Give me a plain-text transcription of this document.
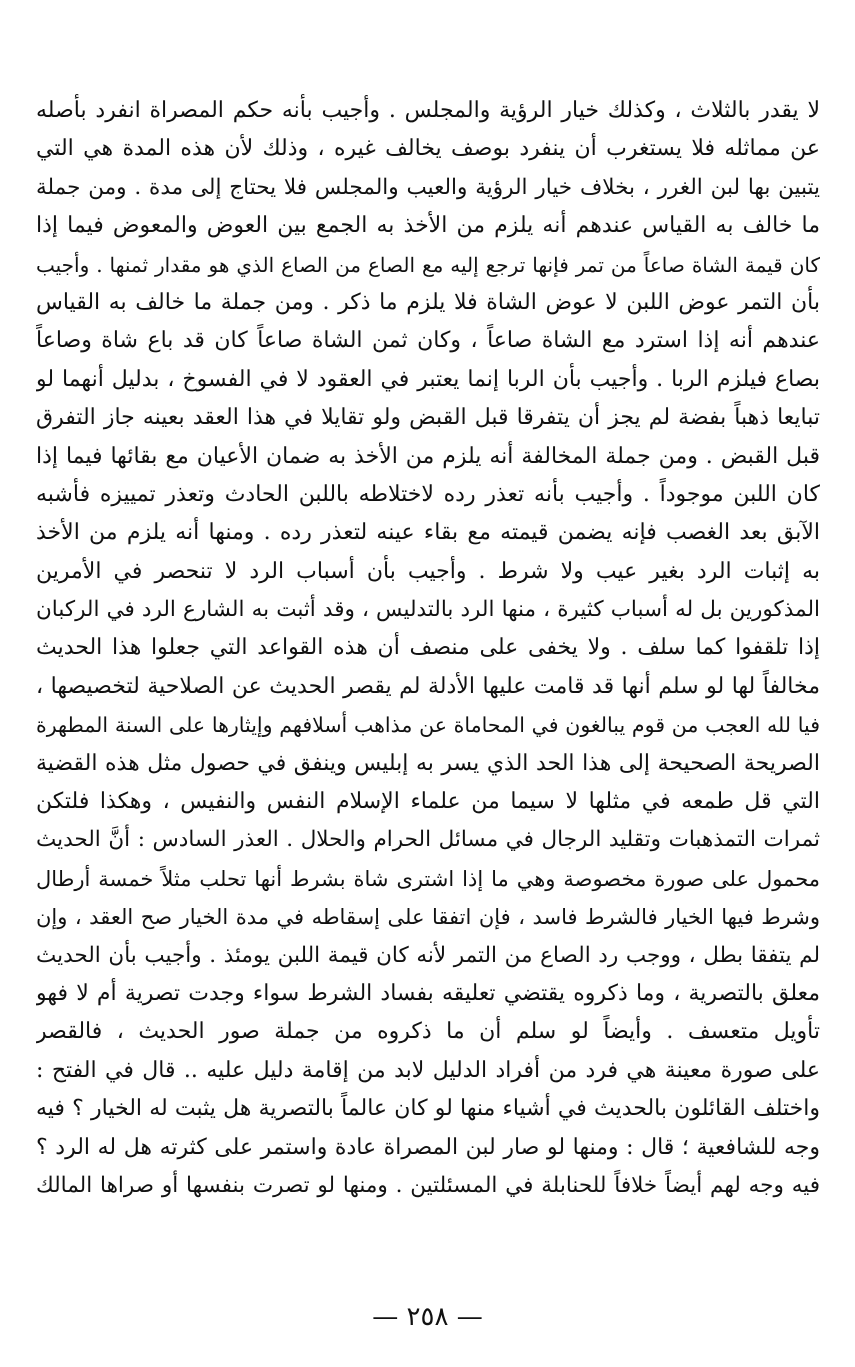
لا يقدر بالثلاث ، وكذلك خيار الرؤية والمجلس . وأجيب بأنه حكم المصراة انفرد بأصله
عن مماثله فلا يستغرب أن ينفرد بوصف يخالف غيره ، وذلك لأن هذه المدة هي التي
يتبين بها لبن الغرر ، بخلاف خيار الرؤية والعيب والمجلس فلا يحتاج إلى مدة . ومن جملة
ما خالف به القياس عندهم أنه يلزم من الأخذ به الجمع بين العوض والمعوض فيما إذا
كان قيمة الشاة صاعاً من تمر فإنها ترجع إليه مع الصاع من الصاع الذي هو مقدار ثمنها . وأجيب
بأن التمر عوض اللبن لا عوض الشاة فلا يلزم ما ذكر . ومن جملة ما خالف به القياس
عندهم أنه إذا استرد مع الشاة صاعاً ، وكان ثمن الشاة صاعاً كان قد باع شاة وصاعاً
بصاع فيلزم الربا . وأجيب بأن الربا إنما يعتبر في العقود لا في الفسوخ ، بدليل أنهما لو
تبايعا ذهباً بفضة لم يجز أن يتفرقا قبل القبض ولو تقايلا في هذا العقد بعينه جاز التفرق
قبل القبض . ومن جملة المخالفة أنه يلزم من الأخذ به ضمان الأعيان مع بقائها فيما إذا
كان اللبن موجوداً . وأجيب بأنه تعذر رده لاختلاطه باللبن الحادث وتعذر تمييزه فأشبه
الآبق بعد الغصب فإنه يضمن قيمته مع بقاء عينه لتعذر رده . ومنها أنه يلزم من الأخذ
به إثبات الرد بغير عيب ولا شرط . وأجيب بأن أسباب الرد لا تنحصر في الأمرين
المذكورين بل له أسباب كثيرة ، منها الرد بالتدليس ، وقد أثبت به الشارع الرد في الركبان
إذا تلقفوا كما سلف . ولا يخفى على منصف أن هذه القواعد التي جعلوا هذا الحديث
مخالفاً لها لو سلم أنها قد قامت عليها الأدلة لم يقصر الحديث عن الصلاحية لتخصيصها ،
فيا لله العجب من قوم يبالغون في المحاماة عن مذاهب أسلافهم وإيثارها على السنة المطهرة
الصريحة الصحيحة إلى هذا الحد الذي يسر به إبليس وينفق في حصول مثل هذه القضية
التي قل طمعه في مثلها لا سيما من علماء الإسلام النفس والنفيس ، وهكذا فلتكن
ثمرات التمذهبات وتقليد الرجال في مسائل الحرام والحلال . العذر السادس : أنَّ الحديث
محمول على صورة مخصوصة وهي ما إذا اشترى شاة بشرط أنها تحلب مثلاً خمسة أرطال
وشرط فيها الخيار فالشرط فاسد ، فإن اتفقا على إسقاطه في مدة الخيار صح العقد ، وإن
لم يتفقا بطل ، ووجب رد الصاع من التمر لأنه كان قيمة اللبن يومئذ . وأجيب بأن الحديث
معلق بالتصرية ، وما ذكروه يقتضي تعليقه بفساد الشرط سواء وجدت تصرية أم لا فهو
تأويل متعسف . وأيضاً لو سلم أن ما ذكروه من جملة صور الحديث ، فالقصر
على صورة معينة هي فرد من أفراد الدليل لابد من إقامة دليل عليه .. قال في الفتح :
واختلف القائلون بالحديث في أشياء منها لو كان عالماً بالتصرية هل يثبت له الخيار ؟ فيه
وجه للشافعية ؛ قال : ومنها لو صار لبن المصراة عادة واستمر على كثرته هل له الرد ؟
فيه وجه لهم أيضاً خلافاً للحنابلة في المسئلتين . ومنها لو تصرت بنفسها أو صراها المالك
— ٢٥٨ —
